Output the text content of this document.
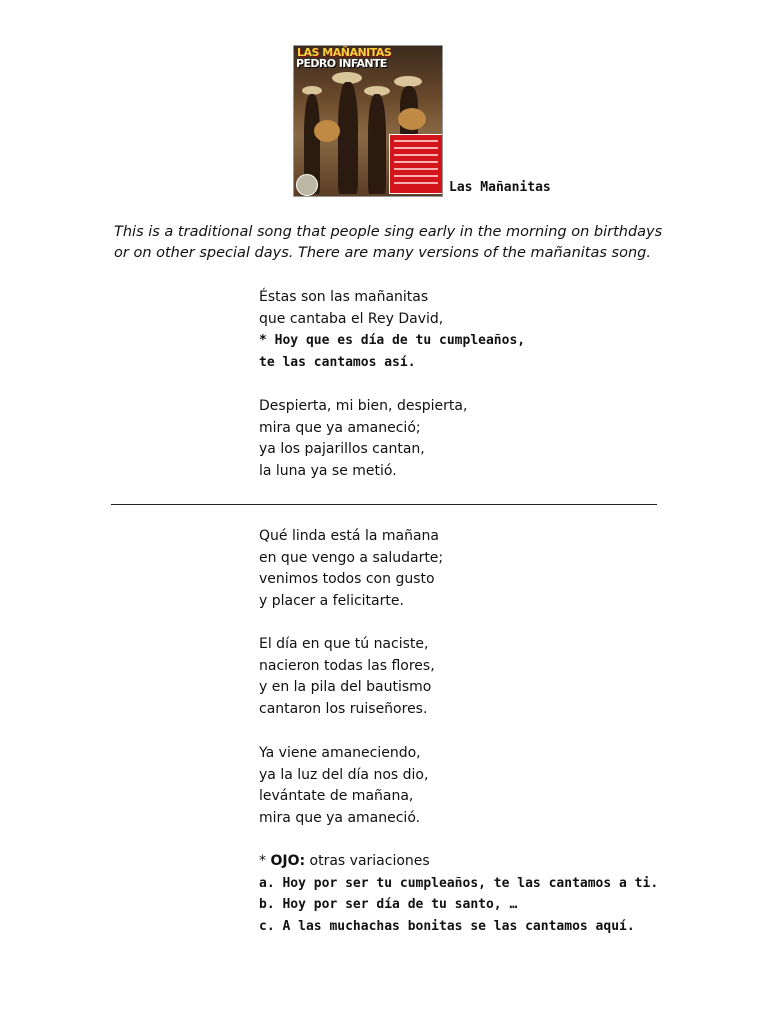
LAS MAÑANITAS
PEDRO INFANTE
Las Mañanitas
This is a traditional song that people sing early in the morning on birthdays or on other special days. There are many versions of the mañanitas song.
Éstas son las mañanitas
que cantaba el Rey David,
* Hoy que es día de tu cumpleaños,
te las cantamos así.
Despierta, mi bien, despierta,
mira que ya amaneció;
ya los pajarillos cantan,
la luna ya se metió.
Qué linda está la mañana
en que vengo a saludarte;
venimos todos con gusto
y placer a felicitarte.
El día en que tú naciste,
nacieron todas las flores,
y en la pila del bautismo
cantaron los ruiseñores.
Ya viene amaneciendo,
ya la luz del día nos dio,
levántate de mañana,
mira que ya amaneció.
* OJO: otras variaciones
a. Hoy por ser tu cumpleaños, te las cantamos a ti.
b. Hoy por ser día de tu santo, …
c. A las muchachas bonitas se las cantamos aquí.
